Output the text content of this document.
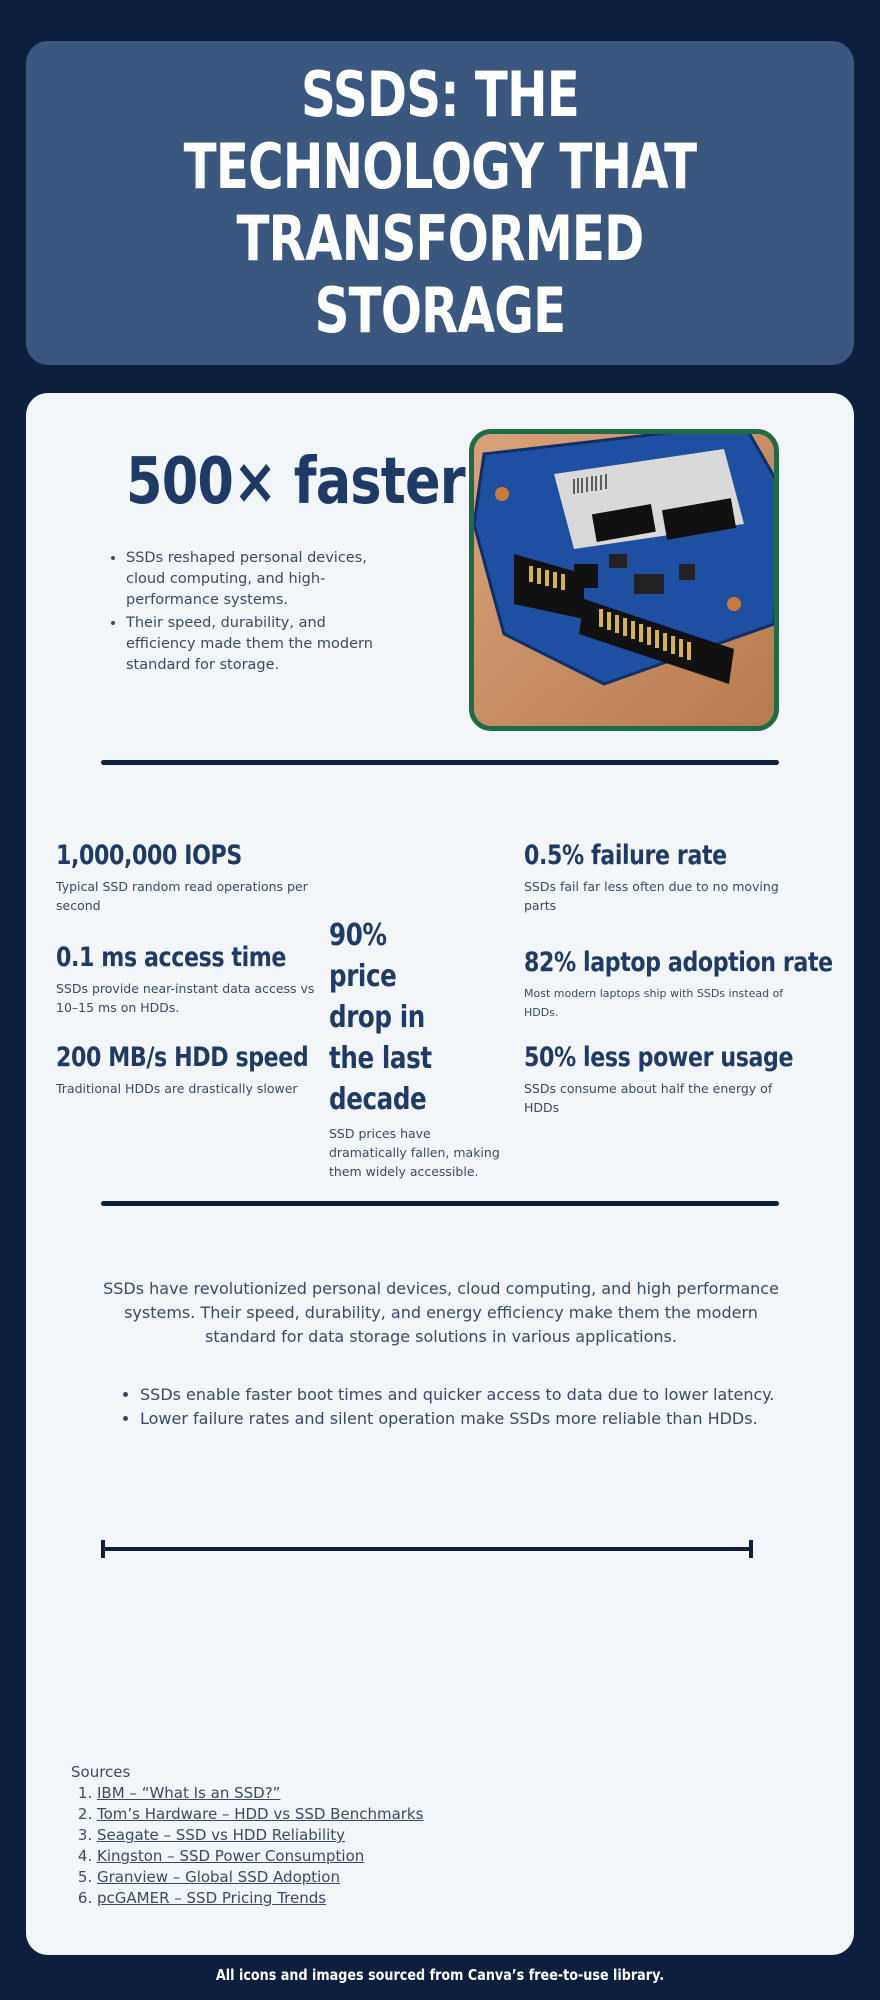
SSDS: THE TECHNOLOGY THAT TRANSFORMED STORAGE
500× faster
• SSDs reshaped personal devices, cloud computing, and high-performance systems.
• Their speed, durability, and efficiency made them the modern standard for storage.
1,000,000 IOPS
Typical SSD random read operations per second
0.1 ms access time
SSDs provide near-instant data access vs 10–15 ms on HDDs.
200 MB/s HDD speed
Traditional HDDs are drastically slower
90% price drop in the last decade
SSD prices have dramatically fallen, making them widely accessible.
0.5% failure rate
SSDs fail far less often due to no moving parts
82% laptop adoption rate
Most modern laptops ship with SSDs instead of HDDs.
50% less power usage
SSDs consume about half the energy of HDDs

SSDs have revolutionized personal devices, cloud computing, and high performance systems. Their speed, durability, and energy efficiency make them the modern standard for data storage solutions in various applications.

• SSDs enable faster boot times and quicker access to data due to lower latency.
• Lower failure rates and silent operation make SSDs more reliable than HDDs.
Sources
1. IBM – “What Is an SSD?”
2. Tom’s Hardware – HDD vs SSD Benchmarks
3. Seagate – SSD vs HDD Reliability
4. Kingston – SSD Power Consumption
5. Granview – Global SSD Adoption
6. pcGAMER – SSD Pricing Trends
All icons and images sourced from Canva’s free-to-use library.
